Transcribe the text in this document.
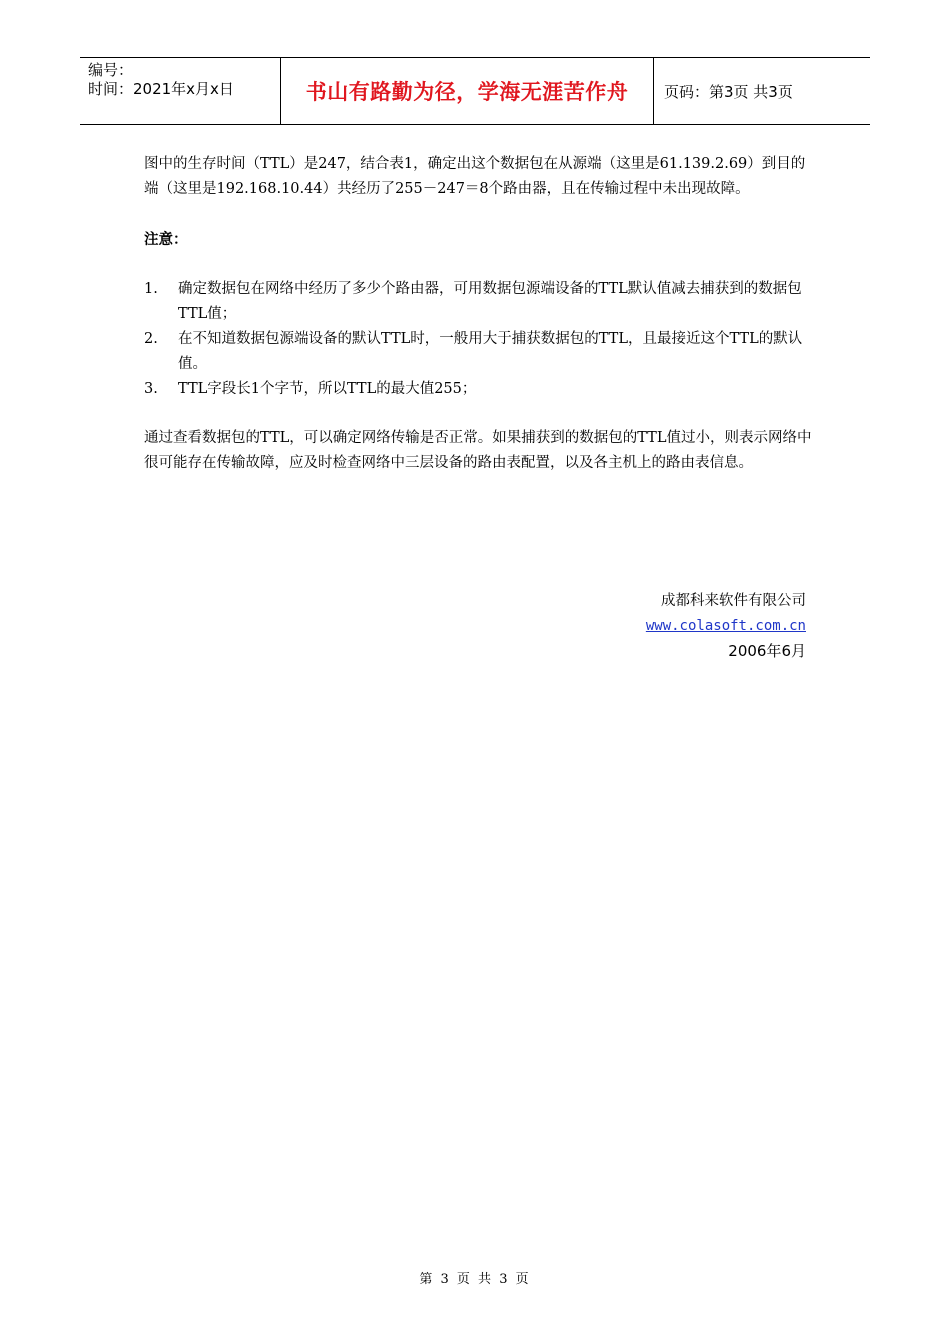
编号：
时间：2021年x月x日	书山有路勤为径，学海无涯苦作舟	页码：第3页 共3页

图中的生存时间（TTL）是247，结合表1，确定出这个数据包在从源端（这里是61.139.2.69）到目的端（这里是192.168.10.44）共经历了255－247＝8个路由器，且在传输过程中未出现故障。

注意：
1. 确定数据包在网络中经历了多少个路由器，可用数据包源端设备的TTL默认值减去捕获到的数据包TTL值；
2. 在不知道数据包源端设备的默认TTL时，一般用大于捕获数据包的TTL，且最接近这个TTL的默认值。
3. TTL字段长1个字节，所以TTL的最大值255；

通过查看数据包的TTL，可以确定网络传输是否正常。如果捕获到的数据包的TTL值过小，则表示网络中很可能存在传输故障，应及时检查网络中三层设备的路由表配置，以及各主机上的路由表信息。

成都科来软件有限公司
www.colasoft.com.cn
2006年6月
第 3 页 共 3 页
